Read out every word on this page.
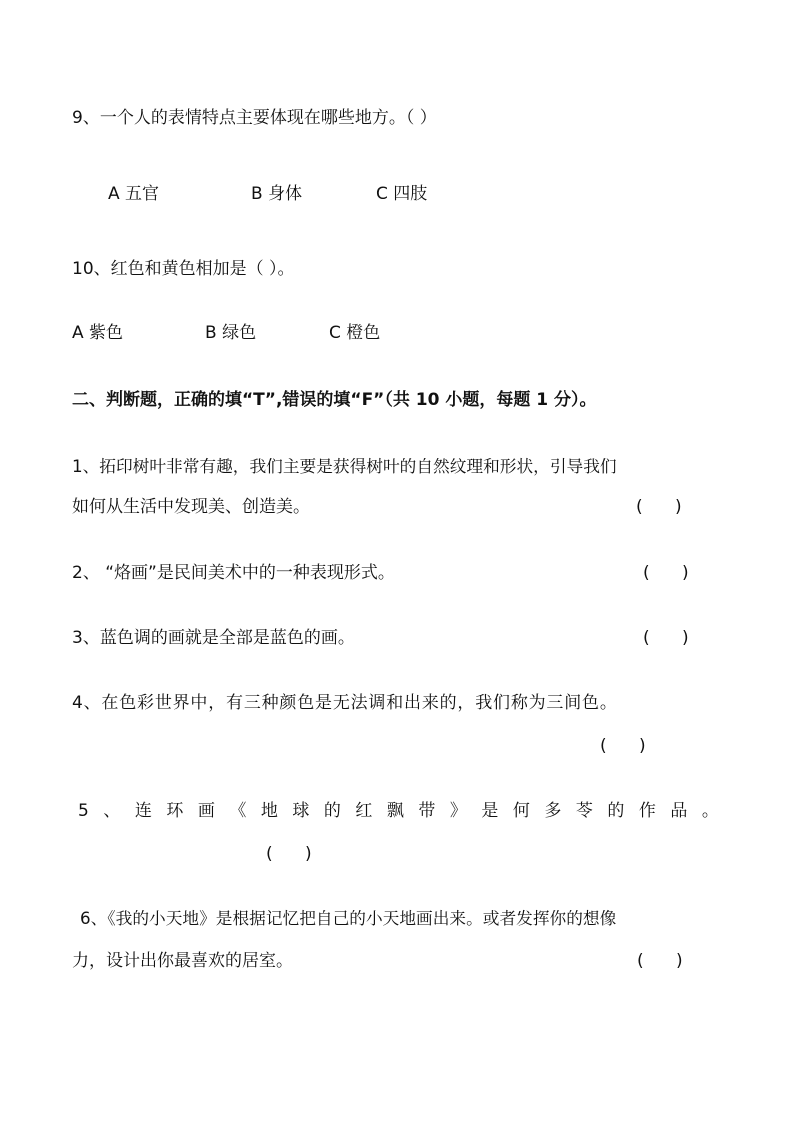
9、一个人的表情特点主要体现在哪些地方。（ ）
A 五官	B 身体	C 四肢
10、红色和黄色相加是（ ）。
A 紫色	B 绿色	C 橙色
二、判断题，正确的填“T”,错误的填“F”（共 10 小题，每题 1 分）。
1、拓印树叶非常有趣，我们主要是获得树叶的自然纹理和形状，引导我们
如何从生活中发现美、创造美。	(      )
2、 “烙画”是民间美术中的一种表现形式。	(      )
3、蓝色调的画就是全部是蓝色的画。	(      )
4、在色彩世界中，有三种颜色是无法调和出来的，我们称为三间色。
(      )
5、连环画《地球的红飘带》是何多苓的作品。
(      )
6、《我的小天地》是根据记忆把自己的小天地画出来。或者发挥你的想像
力，设计出你最喜欢的居室。	(      )
